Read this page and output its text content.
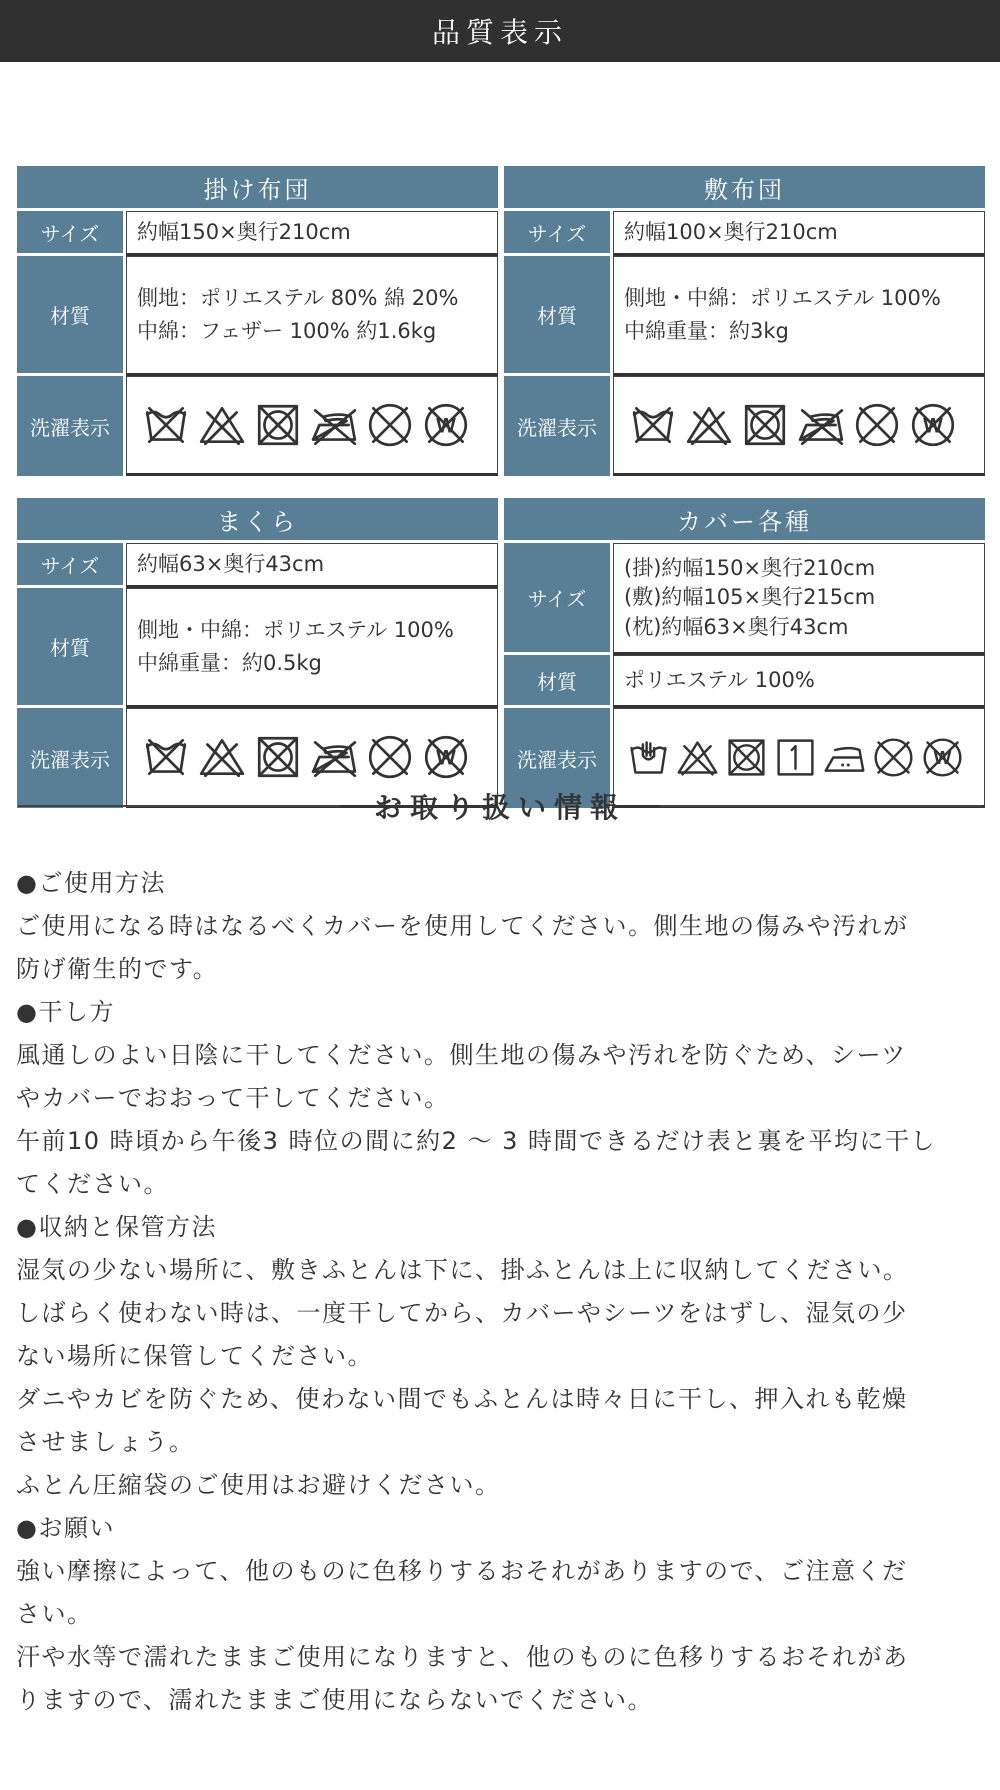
品質表示
掛け布団
サイズ	約幅150×奥行210cm
材質
側地：ポリエステル 80% 綿 20%
中綿：フェザー 100% 約1.6kg
洗濯表示	W
敷布団
サイズ	約幅100×奥行210cm
材質
側地・中綿：ポリエステル 100%
中綿重量：約3kg
洗濯表示	W
まくら
サイズ	約幅63×奥行43cm
材質
側地・中綿：ポリエステル 100%
中綿重量：約0.5kg
洗濯表示	W
カバー各種
サイズ
(掛)約幅150×奥行210cm
(敷)約幅105×奥行215cm
(枕)約幅63×奥行43cm
材質	ポリエステル 100%
洗濯表示	W
お取り扱い情報

●ご使用方法

ご使用になる時はなるべくカバーを使用してください。側生地の傷みや汚れが

防げ衛生的です。

●干し方

風通しのよい日陰に干してください。側生地の傷みや汚れを防ぐため、シーツ

やカバーでおおって干してください。

午前10 時頃から午後3 時位の間に約2 〜 3 時間できるだけ表と裏を平均に干し

てください。

●収納と保管方法

湿気の少ない場所に、敷きふとんは下に、掛ふとんは上に収納してください。

しばらく使わない時は、一度干してから、カバーやシーツをはずし、湿気の少

ない場所に保管してください。

ダニやカビを防ぐため、使わない間でもふとんは時々日に干し、押入れも乾燥

させましょう。

ふとん圧縮袋のご使用はお避けください。

●お願い

強い摩擦によって、他のものに色移りするおそれがありますので、ご注意くだ

さい。

汗や水等で濡れたままご使用になりますと、他のものに色移りするおそれがあ

りますので、濡れたままご使用にならないでください。
